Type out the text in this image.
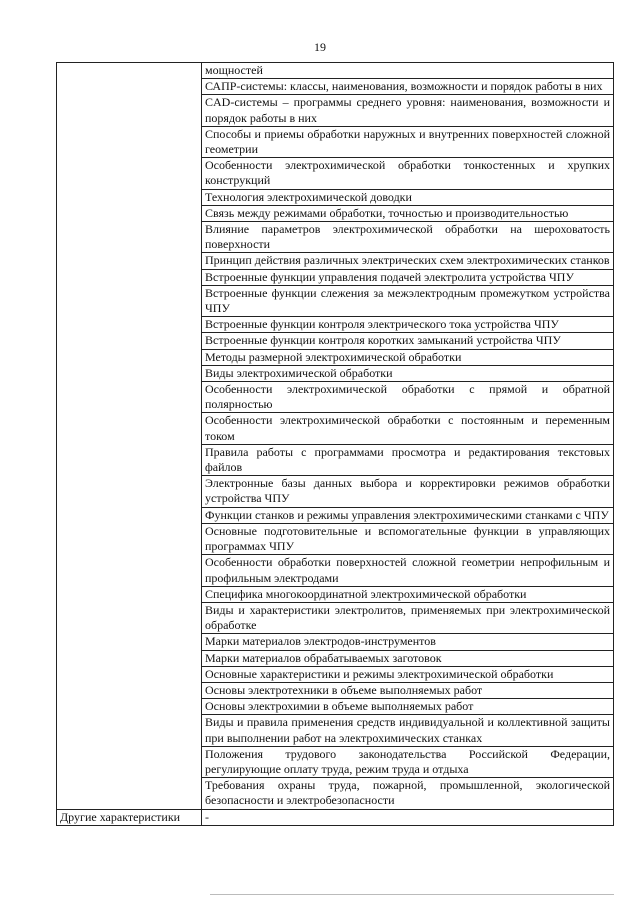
19
	мощностей
	САПР-системы: классы, наименования, возможности и порядок работы в них
	CAD-системы – программы среднего уровня: наименования, возможности и порядок работы в них
	Способы и приемы обработки наружных и внутренних поверхностей сложной геометрии
	Особенности электрохимической обработки тонкостенных и хрупких конструкций
	Технология электрохимической доводки
	Связь между режимами обработки, точностью и производительностью
	Влияние параметров электрохимической обработки на шероховатость поверхности
	Принцип действия различных электрических схем электрохимических станков
	Встроенные функции управления подачей электролита устройства ЧПУ
	Встроенные функции слежения за межэлектродным промежутком устройства ЧПУ
	Встроенные функции контроля электрического тока устройства ЧПУ
	Встроенные функции контроля коротких замыканий устройства ЧПУ
	Методы размерной электрохимической обработки
	Виды электрохимической обработки
	Особенности электрохимической обработки с прямой и обратной полярностью
	Особенности электрохимической обработки с постоянным и переменным током
	Правила работы с программами просмотра и редактирования текстовых файлов
	Электронные базы данных выбора и корректировки режимов обработки устройства ЧПУ
	Функции станков и режимы управления электрохимическими станками с ЧПУ
	Основные подготовительные и вспомогательные функции в управляющих программах ЧПУ
	Особенности обработки поверхностей сложной геометрии непрофильным и профильным электродами
	Специфика многокоординатной электрохимической обработки
	Виды и характеристики электролитов, применяемых при электрохимической обработке
	Марки материалов электродов-инструментов
	Марки материалов обрабатываемых заготовок
	Основные характеристики и режимы электрохимической обработки
	Основы электротехники в объеме выполняемых работ
	Основы электрохимии в объеме выполняемых работ
	Виды и правила применения средств индивидуальной и коллективной защиты при выполнении работ на электрохимических станках
	Положения трудового законодательства Российской Федерации, регулирующие оплату труда, режим труда и отдыха
	Требования охраны труда, пожарной, промышленной, экологической безопасности и электробезопасности
Другие характеристики	-
